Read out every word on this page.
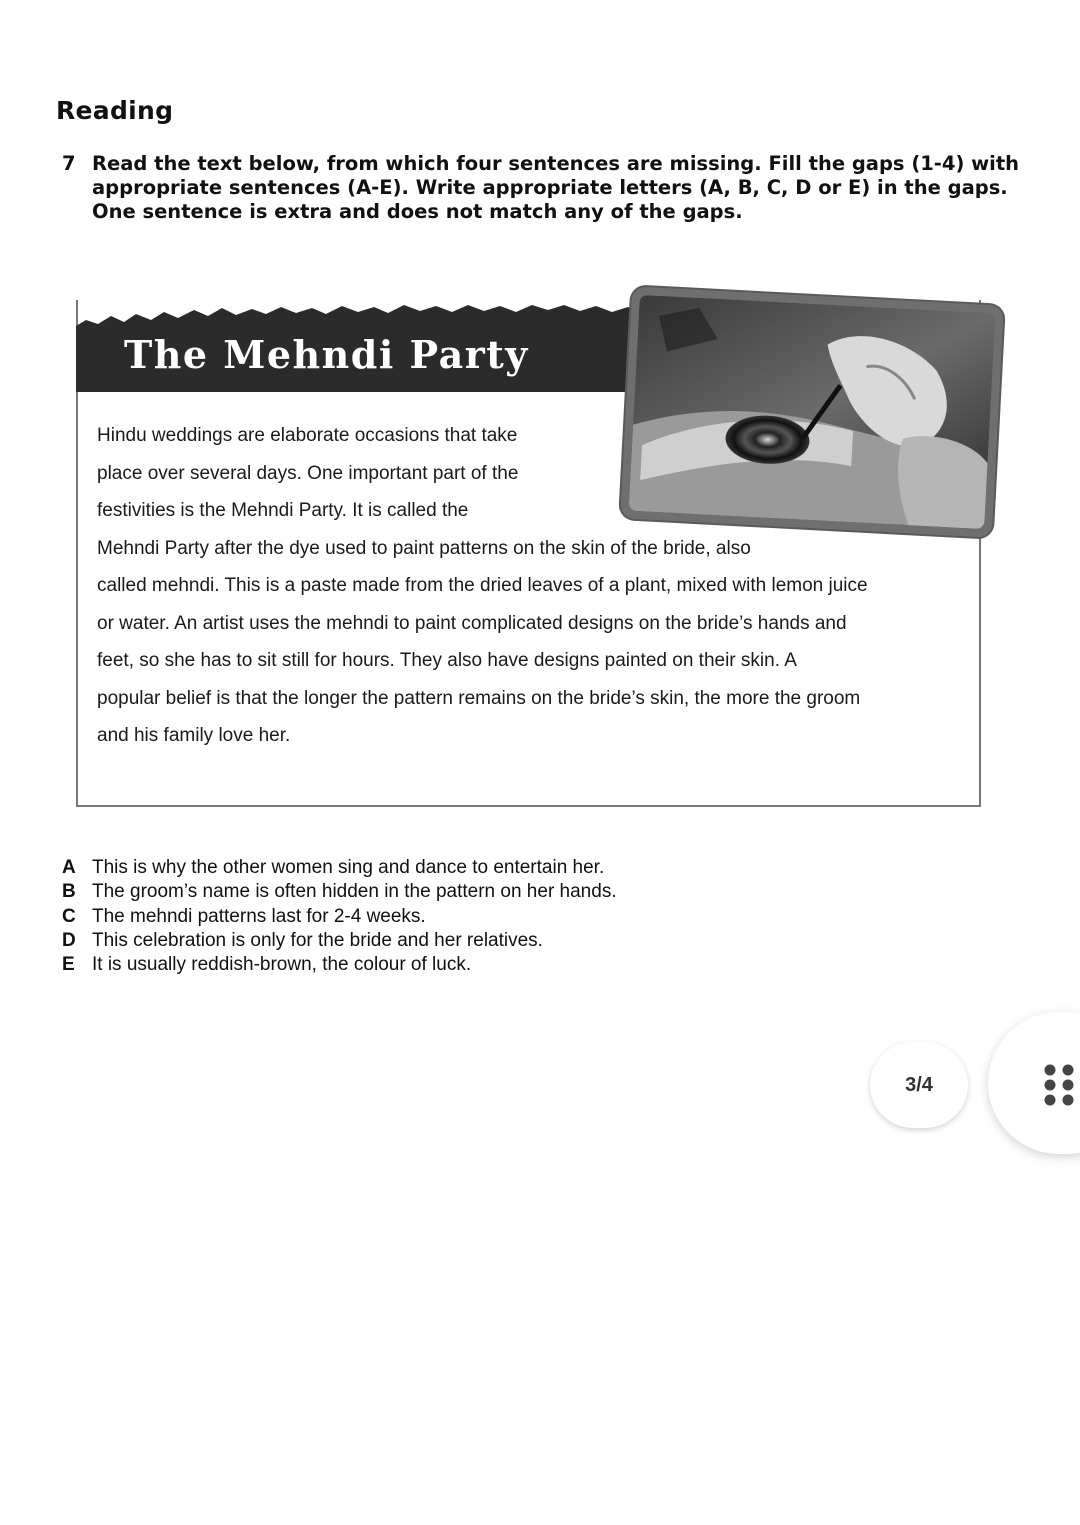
Reading
7 Read the text below, from which four sentences are missing. Fill the gaps (1-4) with appropriate sentences (A-E). Write appropriate letters (A, B, C, D or E) in the gaps. One sentence is extra and does not match any of the gaps.
The Mehndi Party
Hindu weddings are elaborate occasions that take
place over several days. One important part of the
festivities is the Mehndi Party. It is called the
Mehndi Party after the dye used to paint patterns on the skin of the bride, also
called mehndi. This is a paste made from the dried leaves of a plant, mixed with lemon juice
or water. An artist uses the mehndi to paint complicated designs on the bride’s hands and
feet, so she has to sit still for hours. They also have designs painted on their skin. A
popular belief is that the longer the pattern remains on the bride’s skin, the more the groom
and his family love her.
A This is why the other women sing and dance to entertain her.
B The groom’s name is often hidden in the pattern on her hands.
C The mehndi patterns last for 2-4 weeks.
D This celebration is only for the bride and her relatives.
E It is usually reddish-brown, the colour of luck.
3/4
